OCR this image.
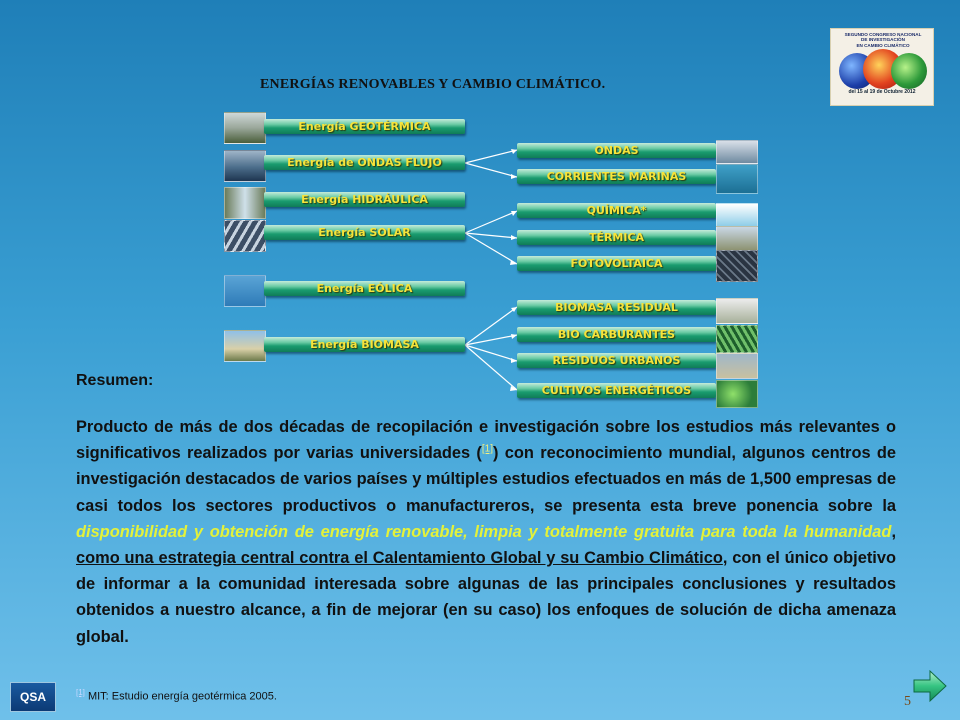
SEGUNDO CONGRESO NACIONAL
DE INVESTIGACIÓN
EN CAMBIO CLIMÁTICO
del 15 al 19 de Octubre 2012
ENERGÍAS RENOVABLES Y CAMBIO CLIMÁTICO.
Energía GEOTÉRMICA
Energía de ONDAS FLUJO
Energía HIDRÁULICA
Energía SOLAR
Energía EÓLICA
Energía BIOMASA
ONDAS
CORRIENTES MARINAS
QUÍMICA*
TÉRMICA
FOTOVOLTAICA
BIOMASA RESIDUAL
BIO CARBURANTES
RESIDUOS URBANOS
CULTIVOS ENERGÉTICOS
Resumen:
Producto de más de dos décadas de recopilación e investigación sobre los estudios más relevantes o significativos realizados por varias universidades ([1]) con reconocimiento mundial, algunos centros de investigación destacados de varios países y múltiples estudios efectuados en más de 1,500 empresas de casi todos los sectores productivos o manufactureros, se presenta esta breve ponencia sobre la disponibilidad y obtención de energía renovable, limpia y totalmente gratuita para toda la humanidad, como una estrategia central contra el Calentamiento Global y su Cambio Climático, con el único objetivo de informar a la comunidad interesada sobre algunas de las principales conclusiones y resultados obtenidos a nuestro alcance, a fin de mejorar (en su caso) los enfoques de solución de dicha amenaza global.
QSA	[1] MIT: Estudio energía geotérmica 2005.	5
